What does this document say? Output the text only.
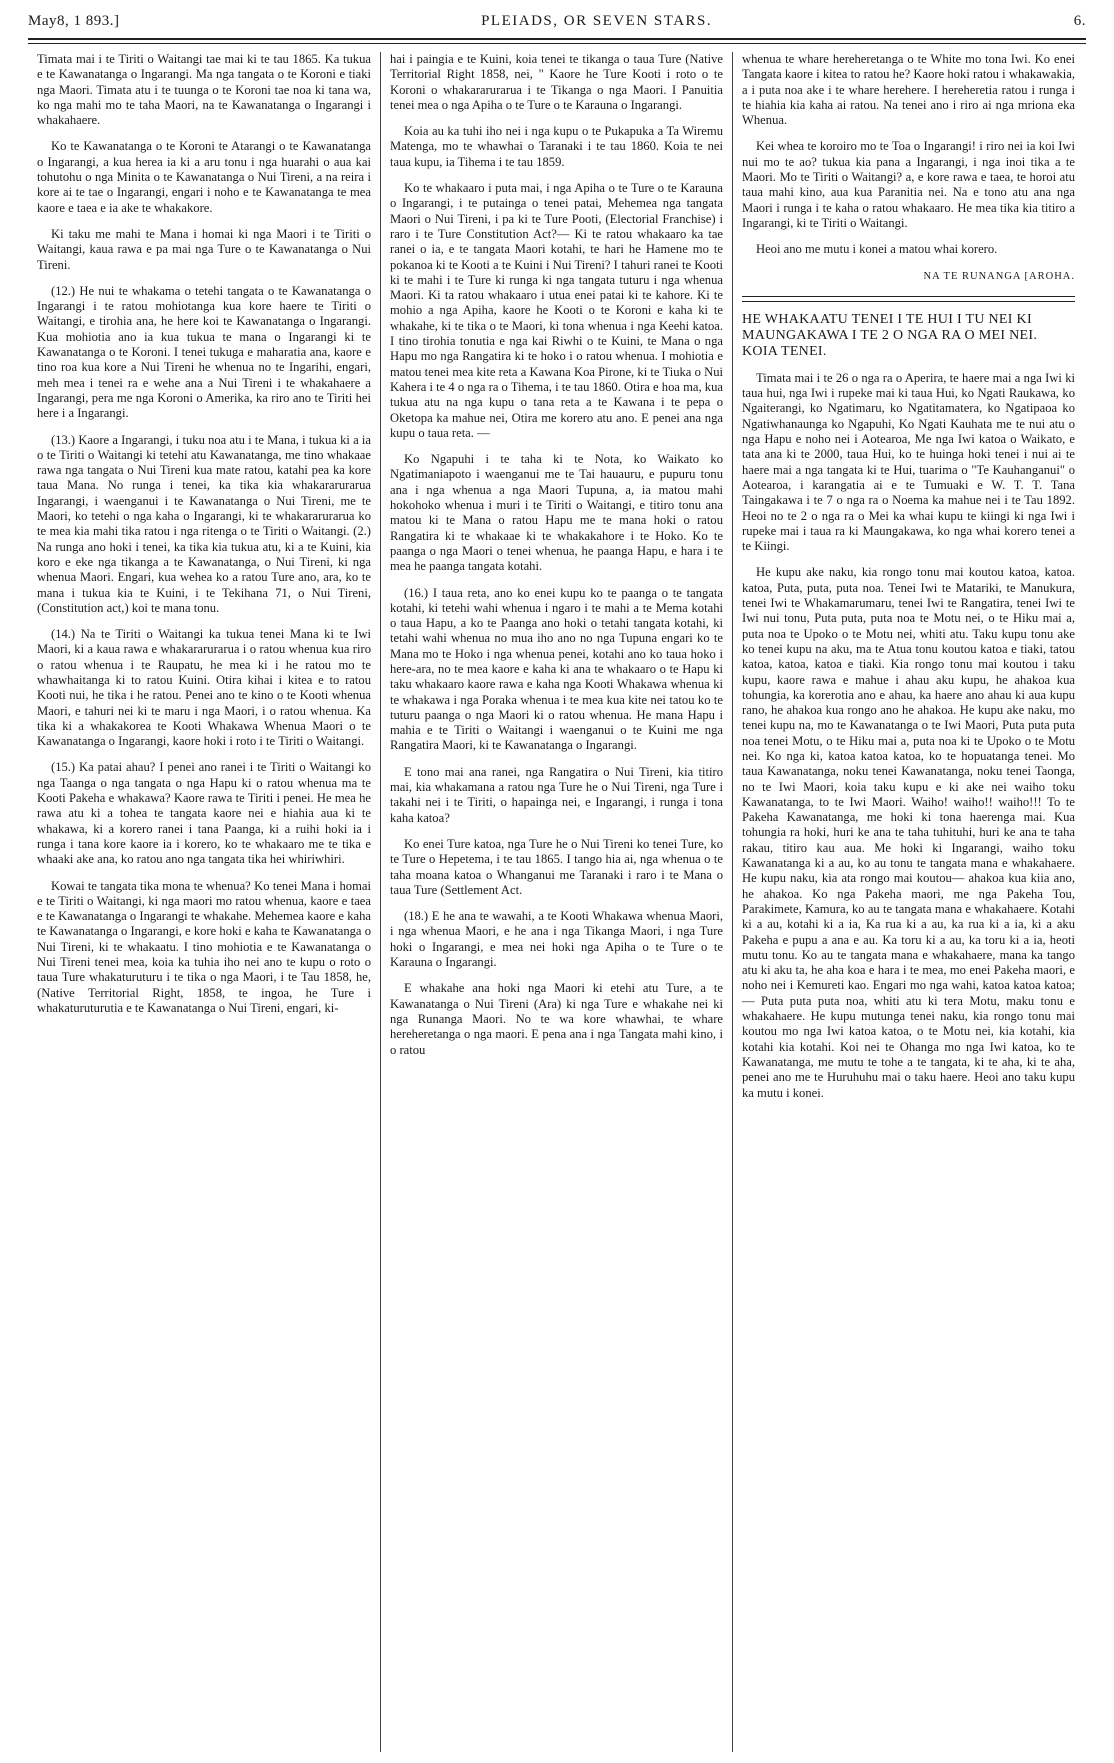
May8, 1 893.]	PLEIADS, OR SEVEN STARS.	6.

Timata mai i te Tiriti o Waitangi tae mai ki te tau 1865. Ka tukua e te Kawanatanga o Ingarangi. Ma nga tangata o te Koroni e tiaki nga Maori. Timata atu i te tuunga o te Koroni tae noa ki tana wa, ko nga mahi mo te taha Maori, na te Kawanatanga o Ingarangi i whakahaere.

Ko te Kawanatanga o te Koroni te Atarangi o te Kawanatanga o Ingarangi, a kua herea ia ki a aru tonu i nga huarahi o aua kai tohutohu o nga Minita o te Kawanatanga o Nui Tireni, a na reira i kore ai te tae o Ingarangi, engari i noho e te Kawanatanga te mea kaore e taea e ia ake te whakakore.

Ki taku me mahi te Mana i homai ki nga Maori i te Tiriti o Waitangi, kaua rawa e pa mai nga Ture o te Kawanatanga o Nui Tireni.

(12.) He nui te whakama o tetehi tangata o te Kawanatanga o Ingarangi i te ratou mohiotanga kua kore haere te Tiriti o Waitangi, e tirohia ana, he here koi te Kawanatanga o Ingarangi. Kua mohiotia ano ia kua tukua te mana o Ingarangi ki te Kawanatanga o te Koroni. I tenei tukuga e maharatia ana, kaore e tino roa kua kore a Nui Tireni he whenua no te Ingarihi, engari, meh mea i tenei ra e wehe ana a Nui Tireni i te whakahaere a Ingarangi, pera me nga Koroni o Amerika, ka riro ano te Tiriti hei here i a Ingarangi.

(13.) Kaore a Ingarangi, i tuku noa atu i te Mana, i tukua ki a ia o te Tiriti o Waitangi ki tetehi atu Kawanatanga, me tino whakaae rawa nga tangata o Nui Tireni kua mate ratou, katahi pea ka kore taua Mana. No runga i tenei, ka tika kia whakararurarua Ingarangi, i waenganui i te Kawanatanga o Nui Tireni, me te Maori, ko tetehi o nga kaha o Ingarangi, ki te whakararurarua ko te mea kia mahi tika ratou i nga ritenga o te Tiriti o Waitangi. (2.) Na runga ano hoki i tenei, ka tika kia tukua atu, ki a te Kuini, kia koro e eke nga tikanga a te Kawanatanga, o Nui Tireni, ki nga whenua Maori. Engari, kua wehea ko a ratou Ture ano, ara, ko te mana i tukua kia te Kuini, i te Tekihana 71, o Nui Tireni, (Constitution act,) koi te mana tonu.

(14.) Na te Tiriti o Waitangi ka tukua tenei Mana ki te Iwi Maori, ki a kaua rawa e whakararurarua i o ratou whenua kua riro o ratou whenua i te Raupatu, he mea ki i he ratou mo te whawhaitanga ki to ratou Kuini. Otira kihai i kitea e to ratou Kooti nui, he tika i he ratou. Penei ano te kino o te Kooti whenua Maori, e tahuri nei ki te maru i nga Maori, i o ratou whenua. Ka tika ki a whakakorea te Kooti Whakawa Whenua Maori o te Kawanatanga o Ingarangi, kaore hoki i roto i te Tiriti o Waitangi.

(15.) Ka patai ahau? I penei ano ranei i te Tiriti o Waitangi ko nga Taanga o nga tangata o nga Hapu ki o ratou whenua ma te Kooti Pakeha e whakawa? Kaore rawa te Tiriti i penei. He mea he rawa atu ki a tohea te tangata kaore nei e hiahia aua ki te whakawa, ki a korero ranei i tana Paanga, ki a ruihi hoki ia i runga i tana kore kaore ia i korero, ko te whakaaro me te tika e whaaki ake ana, ko ratou ano nga tangata tika hei whiriwhiri.

Kowai te tangata tika mona te whenua? Ko tenei Mana i homai e te Tiriti o Waitangi, ki nga maori mo ratou whenua, kaore e taea e te Kawanatanga o Ingarangi te whakahe. Mehemea kaore e kaha te Kawanatanga o Ingarangi, e kore hoki e kaha te Kawanatanga o Nui Tireni, ki te whakaatu. I tino mohiotia e te Kawanatanga o Nui Tireni tenei mea, koia ka tuhia iho nei ano te kupu o roto o taua Ture whakaturuturu i te tika o nga Maori, i te Tau 1858, he, (Native Territorial Right, 1858, te ingoa, he Ture i whakaturuturutia e te Kawanatanga o Nui Tireni, engari, ki-

hai i paingia e te Kuini, koia tenei te tikanga o taua Ture (Native Territorial Right 1858, nei, " Kaore he Ture Kooti i roto o te Koroni o whakararurarua i te Tikanga o nga Maori. I Panuitia tenei mea o nga Apiha o te Ture o te Karauna o Ingarangi.

Koia au ka tuhi iho nei i nga kupu o te Pukapuka a Ta Wiremu Matenga, mo te whawhai o Taranaki i te tau 1860. Koia te nei taua kupu, ia Tihema i te tau 1859.

Ko te whakaaro i puta mai, i nga Apiha o te Ture o te Karauna o Ingarangi, i te putainga o tenei patai, Mehemea nga tangata Maori o Nui Tireni, i pa ki te Ture Pooti, (Electorial Franchise) i raro i te Ture Constitution Act?— Ki te ratou whakaaro ka tae ranei o ia, e te tangata Maori kotahi, te hari he Hamene mo te pokanoa ki te Kooti a te Kuini i Nui Tireni? I tahuri ranei te Kooti ki te mahi i te Ture ki runga ki nga tangata tuturu i nga whenua Maori. Ki ta ratou whakaaro i utua enei patai ki te kahore. Ki te mohio a nga Apiha, kaore he Kooti o te Koroni e kaha ki te whakahe, ki te tika o te Maori, ki tona whenua i nga Keehi katoa. I tino tirohia tonutia e nga kai Riwhi o te Kuini, te Mana o nga Hapu mo nga Rangatira ki te hoko i o ratou whenua. I mohiotia e matou tenei mea kite reta a Kawana Koa Pirone, ki te Tiuka o Nui Kahera i te 4 o nga ra o Tihema, i te tau 1860. Otira e hoa ma, kua tukua atu na nga kupu o tana reta a te Kawana i te pepa o Oketopa ka mahue nei, Otira me korero atu ano. E penei ana nga kupu o taua reta. —

Ko Ngapuhi i te taha ki te Nota, ko Waikato ko Ngatimaniapoto i waenganui me te Tai hauauru, e pupuru tonu ana i nga whenua a nga Maori Tupuna, a, ia matou mahi hokohoko whenua i muri i te Tiriti o Waitangi, e titiro tonu ana matou ki te Mana o ratou Hapu me te mana hoki o ratou Rangatira ki te whakaae ki te whakakahore i te Hoko. Ko te paanga o nga Maori o tenei whenua, he paanga Hapu, e hara i te mea he paanga tangata kotahi.

(16.) I taua reta, ano ko enei kupu ko te paanga o te tangata kotahi, ki tetehi wahi whenua i ngaro i te mahi a te Mema kotahi o taua Hapu, a ko te Paanga ano hoki o tetahi tangata kotahi, ki tetahi wahi whenua no mua iho ano no nga Tupuna engari ko te Mana mo te Hoko i nga whenua penei, kotahi ano ko taua hoko i here-ara, no te mea kaore e kaha ki ana te whakaaro o te Hapu ki taku whakaaro kaore rawa e kaha nga Kooti Whakawa whenua ki te whakawa i nga Poraka whenua i te mea kua kite nei tatou ko te tuturu paanga o nga Maori ki o ratou whenua. He mana Hapu i mahia e te Tiriti o Waitangi i waenganui o te Kuini me nga Rangatira Maori, ki te Kawanatanga o Ingarangi.

E tono mai ana ranei, nga Rangatira o Nui Tireni, kia titiro mai, kia whakamana a ratou nga Ture he o Nui Tireni, nga Ture i takahi nei i te Tiriti, o hapainga nei, e Ingarangi, i runga i tona kaha katoa?

Ko enei Ture katoa, nga Ture he o Nui Tireni ko tenei Ture, ko te Ture o Hepetema, i te tau 1865. I tango hia ai, nga whenua o te taha moana katoa o Whanganui me Taranaki i raro i te Mana o taua Ture (Settlement Act.

(18.) E he ana te wawahi, a te Kooti Whakawa whenua Maori, i nga whenua Maori, e he ana i nga Tikanga Maori, i nga Ture hoki o Ingarangi, e mea nei hoki nga Apiha o te Ture o te Karauna o Ingarangi.

E whakahe ana hoki nga Maori ki etehi atu Ture, a te Kawanatanga o Nui Tireni (Ara) ki nga Ture e whakahe nei ki nga Runanga Maori. No te wa kore whawhai, te whare hereheretanga o nga maori. E pena ana i nga Tangata mahi kino, i o ratou

whenua te whare hereheretanga o te White mo tona Iwi. Ko enei Tangata kaore i kitea to ratou he? Kaore hoki ratou i whakawakia, a i puta noa ake i te whare herehere. I hereheretia ratou i runga i te hiahia kia kaha ai ratou. Na tenei ano i riro ai nga mriona eka Whenua.

Kei whea te koroiro mo te Toa o Ingarangi! i riro nei ia koi Iwi nui mo te ao? tukua kia pana a Ingarangi, i nga inoi tika a te Maori. Mo te Tiriti o Waitangi? a, e kore rawa e taea, te horoi atu taua mahi kino, aua kua Paranitia nei. Na e tono atu ana nga Maori i runga i te kaha o ratou whakaaro. He mea tika kia titiro a Ingarangi, ki te Tiriti o Waitangi.

Heoi ano me mutu i konei a matou whai korero.

NA TE RUNANGA [AROHA.

HE WHAKAATU TENEI I TE HUI I TU NEI KI MAUNGAKAWA I TE 2 O NGA RA O MEI NEI. KOIA TENEI.

Timata mai i te 26 o nga ra o Aperira, te haere mai a nga Iwi ki taua hui, nga Iwi i rupeke mai ki taua Hui, ko Ngati Raukawa, ko Ngaiterangi, ko Ngatimaru, ko Ngatitamatera, ko Ngatipaoa ko Ngatiwhanaunga ko Ngapuhi, Ko Ngati Kauhata me te nui atu o nga Hapu e noho nei i Aotearoa, Me nga Iwi katoa o Waikato, e tata ana ki te 2000, taua Hui, ko te huinga hoki tenei i nui ai te haere mai a nga tangata ki te Hui, tuarima o "Te Kauhanganui" o Aotearoa, i karangatia ai e te Tumuaki e W. T. T. Tana Taingakawa i te 7 o nga ra o Noema ka mahue nei i te Tau 1892. Heoi no te 2 o nga ra o Mei ka whai kupu te kiingi ki nga Iwi i rupeke mai i taua ra ki Maungakawa, ko nga whai korero tenei a te Kiingi.

He kupu ake naku, kia rongo tonu mai koutou katoa, katoa. katoa, Puta, puta, puta noa. Tenei Iwi te Matariki, te Manukura, tenei Iwi te Whakamarumaru, tenei Iwi te Rangatira, tenei Iwi te Iwi nui tonu, Puta puta, puta noa te Motu nei, o te Hiku mai a, puta noa te Upoko o te Motu nei, whiti atu. Taku kupu tonu ake ko tenei kupu na aku, ma te Atua tonu koutou katoa e tiaki, tatou katoa, katoa, katoa e tiaki. Kia rongo tonu mai koutou i taku kupu, kaore rawa e mahue i ahau aku kupu, he ahakoa kua tohungia, ka korerotia ano e ahau, ka haere ano ahau ki aua kupu rano, he ahakoa kua rongo ano he ahakoa. He kupu ake naku, mo tenei kupu na, mo te Kawanatanga o te Iwi Maori, Puta puta puta noa tenei Motu, o te Hiku mai a, puta noa ki te Upoko o te Motu nei. Ko nga ki, katoa katoa katoa, ko te hopuatanga tenei. Mo taua Kawanatanga, noku tenei Kawanatanga, noku tenei Taonga, no te Iwi Maori, koia taku kupu e ki ake nei waiho toku Kawanatanga, to te Iwi Maori. Waiho! waiho!! waiho!!! To te Pakeha Kawanatanga, me hoki ki tona haerenga mai. Kua tohungia ra hoki, huri ke ana te taha tuhituhi, huri ke ana te taha rakau, titiro kau aua. Me hoki ki Ingarangi, waiho toku Kawanatanga ki a au, ko au tonu te tangata mana e whakahaere. He kupu naku, kia ata rongo mai koutou— ahakoa kua kiia ano, he ahakoa. Ko nga Pakeha maori, me nga Pakeha Tou, Parakimete, Kamura, ko au te tangata mana e whakahaere. Kotahi ki a au, kotahi ki a ia, Ka rua ki a au, ka rua ki a ia, ki a aku Pakeha e pupu a ana e au. Ka toru ki a au, ka toru ki a ia, heoti mutu tonu. Ko au te tangata mana e whakahaere, mana ka tango atu ki aku ta, he aha koa e hara i te mea, mo enei Pakeha maori, e noho nei i Kemureti kao. Engari mo nga wahi, katoa katoa katoa;— Puta puta puta noa, whiti atu ki tera Motu, maku tonu e whakahaere. He kupu mutunga tenei naku, kia rongo tonu mai koutou mo nga Iwi katoa katoa, o te Motu nei, kia kotahi, kia kotahi kia kotahi. Koi nei te Ohanga mo nga Iwi katoa, ko te Kawanatanga, me mutu te tohe a te tangata, ki te aha, ki te aha, penei ano me te Huruhuhu mai o taku haere. Heoi ano taku kupu ka mutu i konei.
